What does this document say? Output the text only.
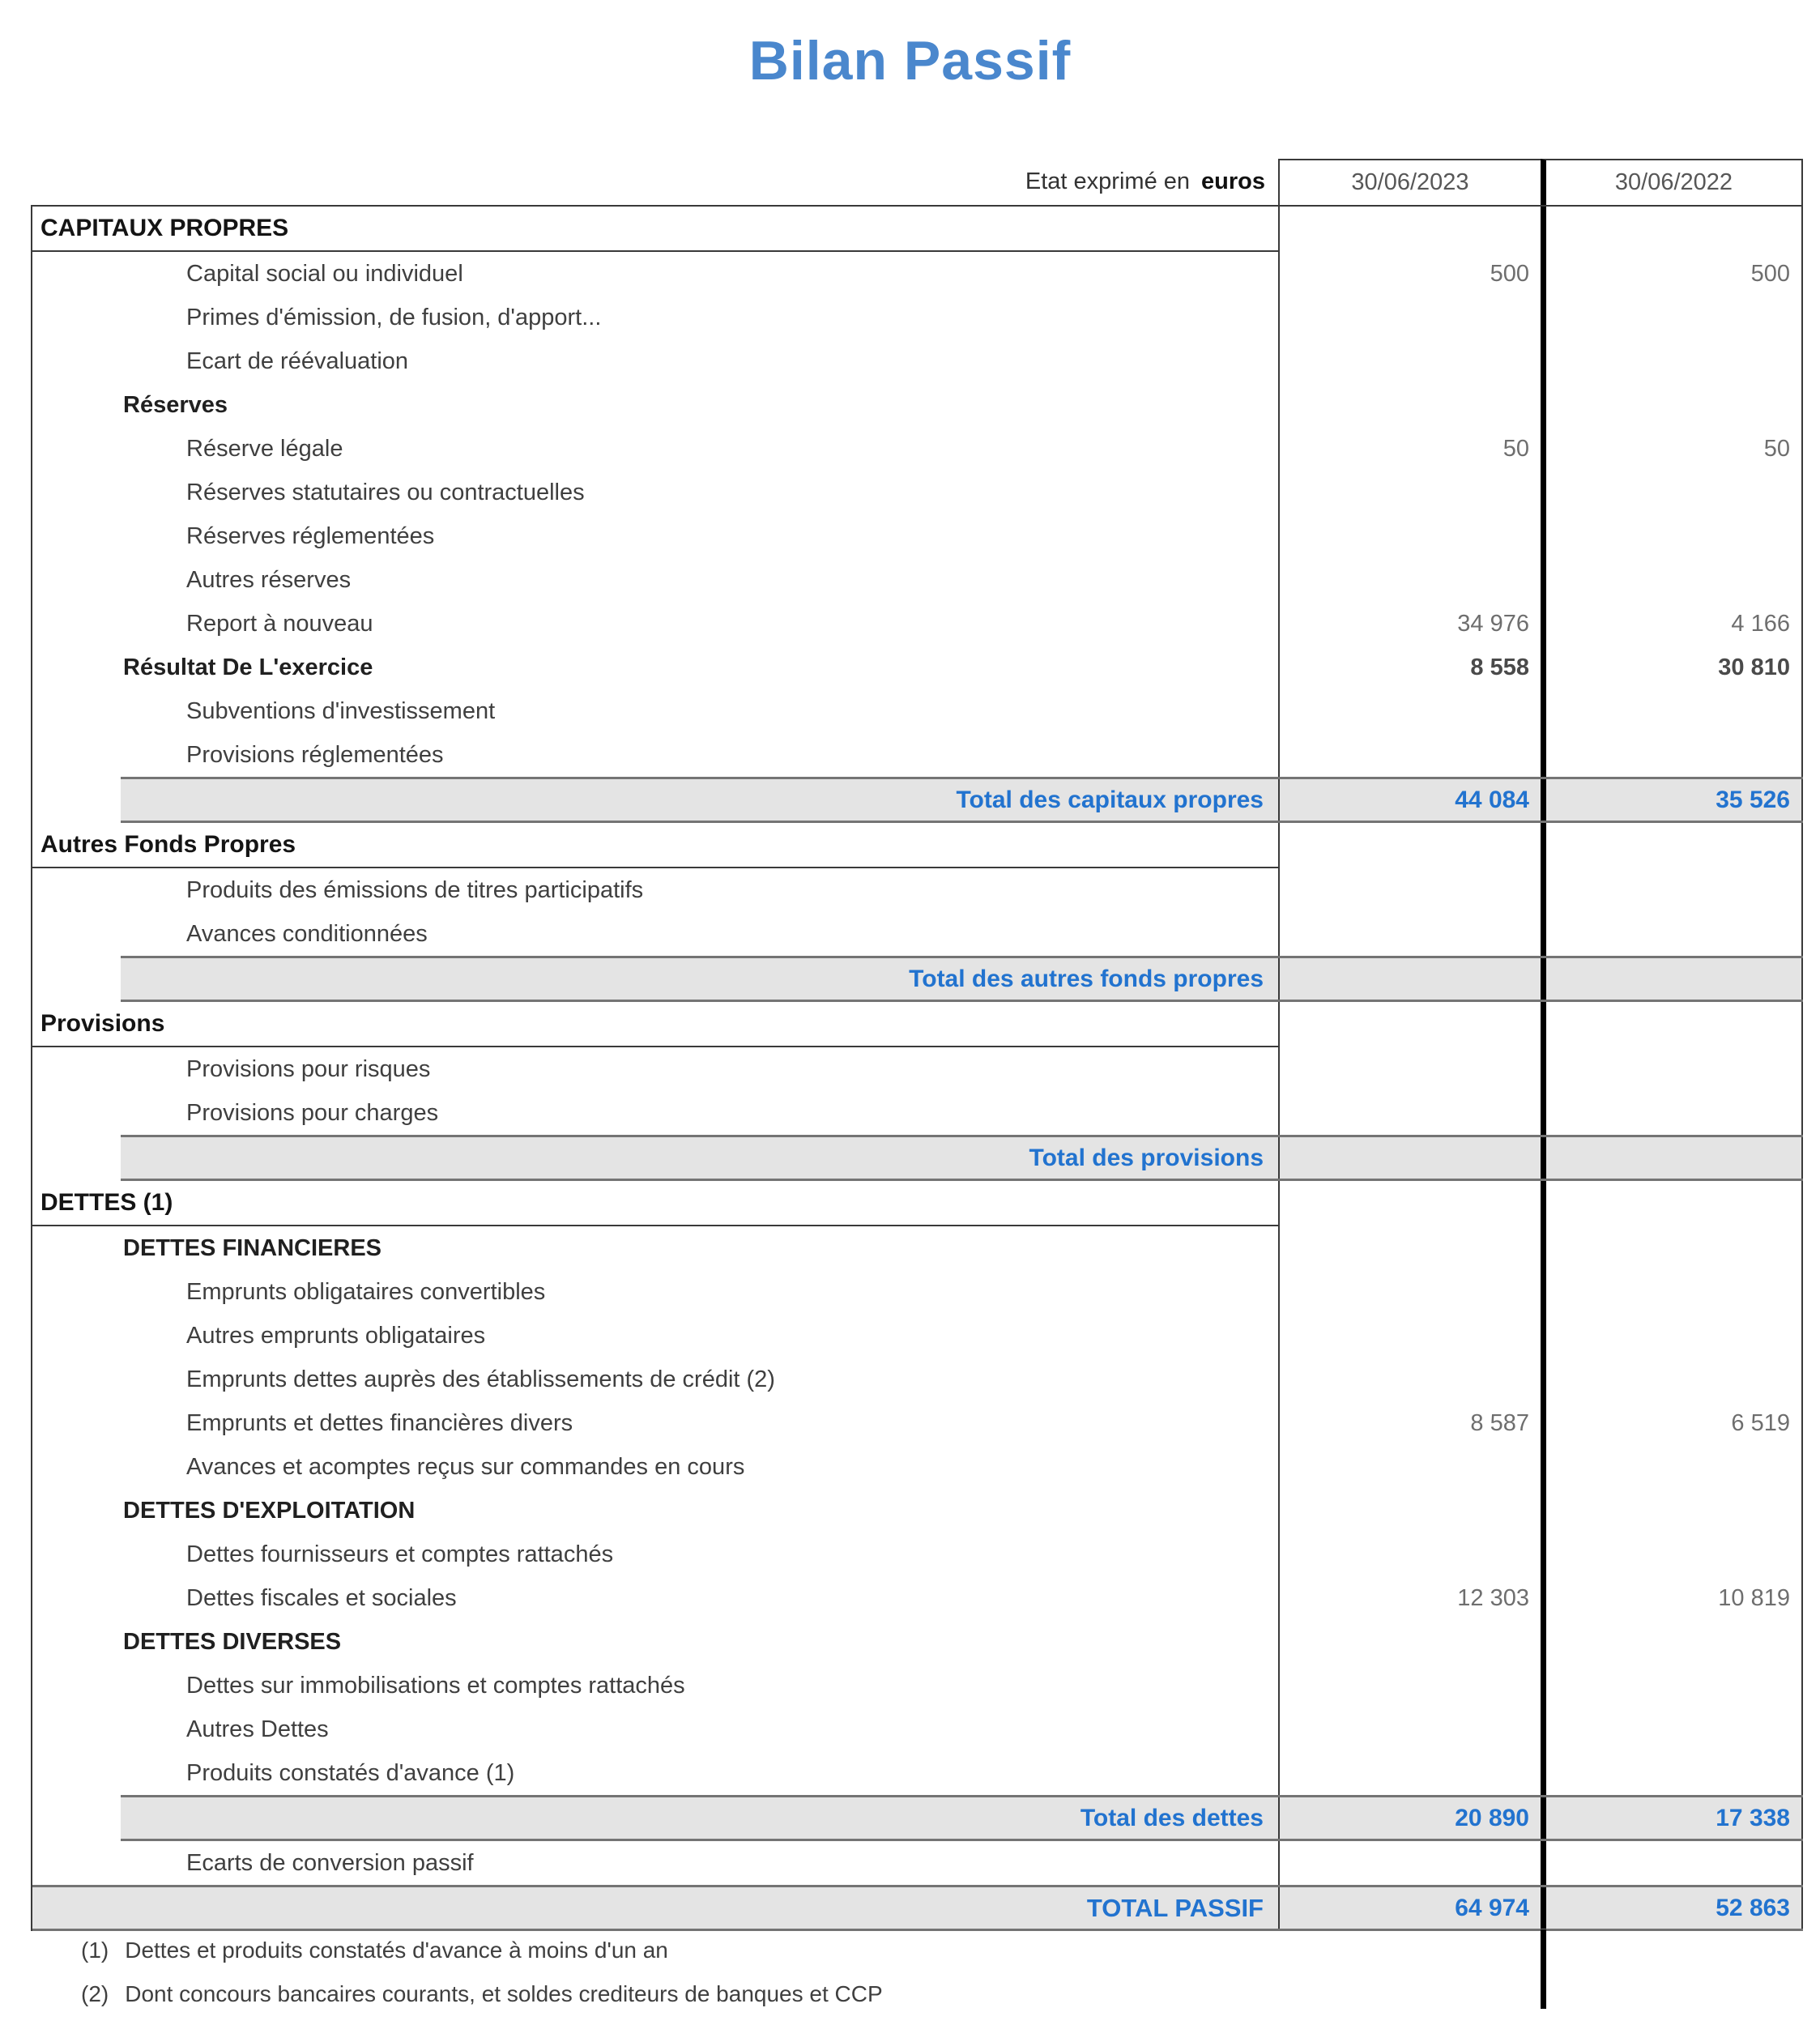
Bilan Passif
Etat exprimé en euros	30/06/2023	30/06/2022
CAPITAUX PROPRES
Capital social ou individuel	500	500
Primes d'émission, de fusion, d'apport...
Ecart de réévaluation
Réserves
Réserve légale	50	50
Réserves statutaires ou contractuelles
Réserves réglementées
Autres réserves
Report à nouveau	34 976	4 166
Résultat De L'exercice	8 558	30 810
Subventions d'investissement
Provisions réglementées
Total des capitaux propres	44 084	35 526
Autres Fonds Propres
Produits des émissions de titres participatifs
Avances conditionnées
Total des autres fonds propres
Provisions
Provisions pour risques
Provisions pour charges
Total des provisions
DETTES (1)
DETTES FINANCIERES
Emprunts obligataires convertibles
Autres emprunts obligataires
Emprunts dettes auprès des établissements de crédit (2)
Emprunts et dettes financières divers	8 587	6 519
Avances et acomptes reçus sur commandes en cours
DETTES D'EXPLOITATION
Dettes fournisseurs et comptes rattachés
Dettes fiscales et sociales	12 303	10 819
DETTES DIVERSES
Dettes sur immobilisations et comptes rattachés
Autres Dettes
Produits constatés d'avance (1)
Total des dettes	20 890	17 338
Ecarts de conversion passif
TOTAL PASSIF	64 974	52 863
(1) Dettes et produits constatés d'avance à moins d'un an
(2) Dont concours bancaires courants, et soldes crediteurs de banques et CCP
